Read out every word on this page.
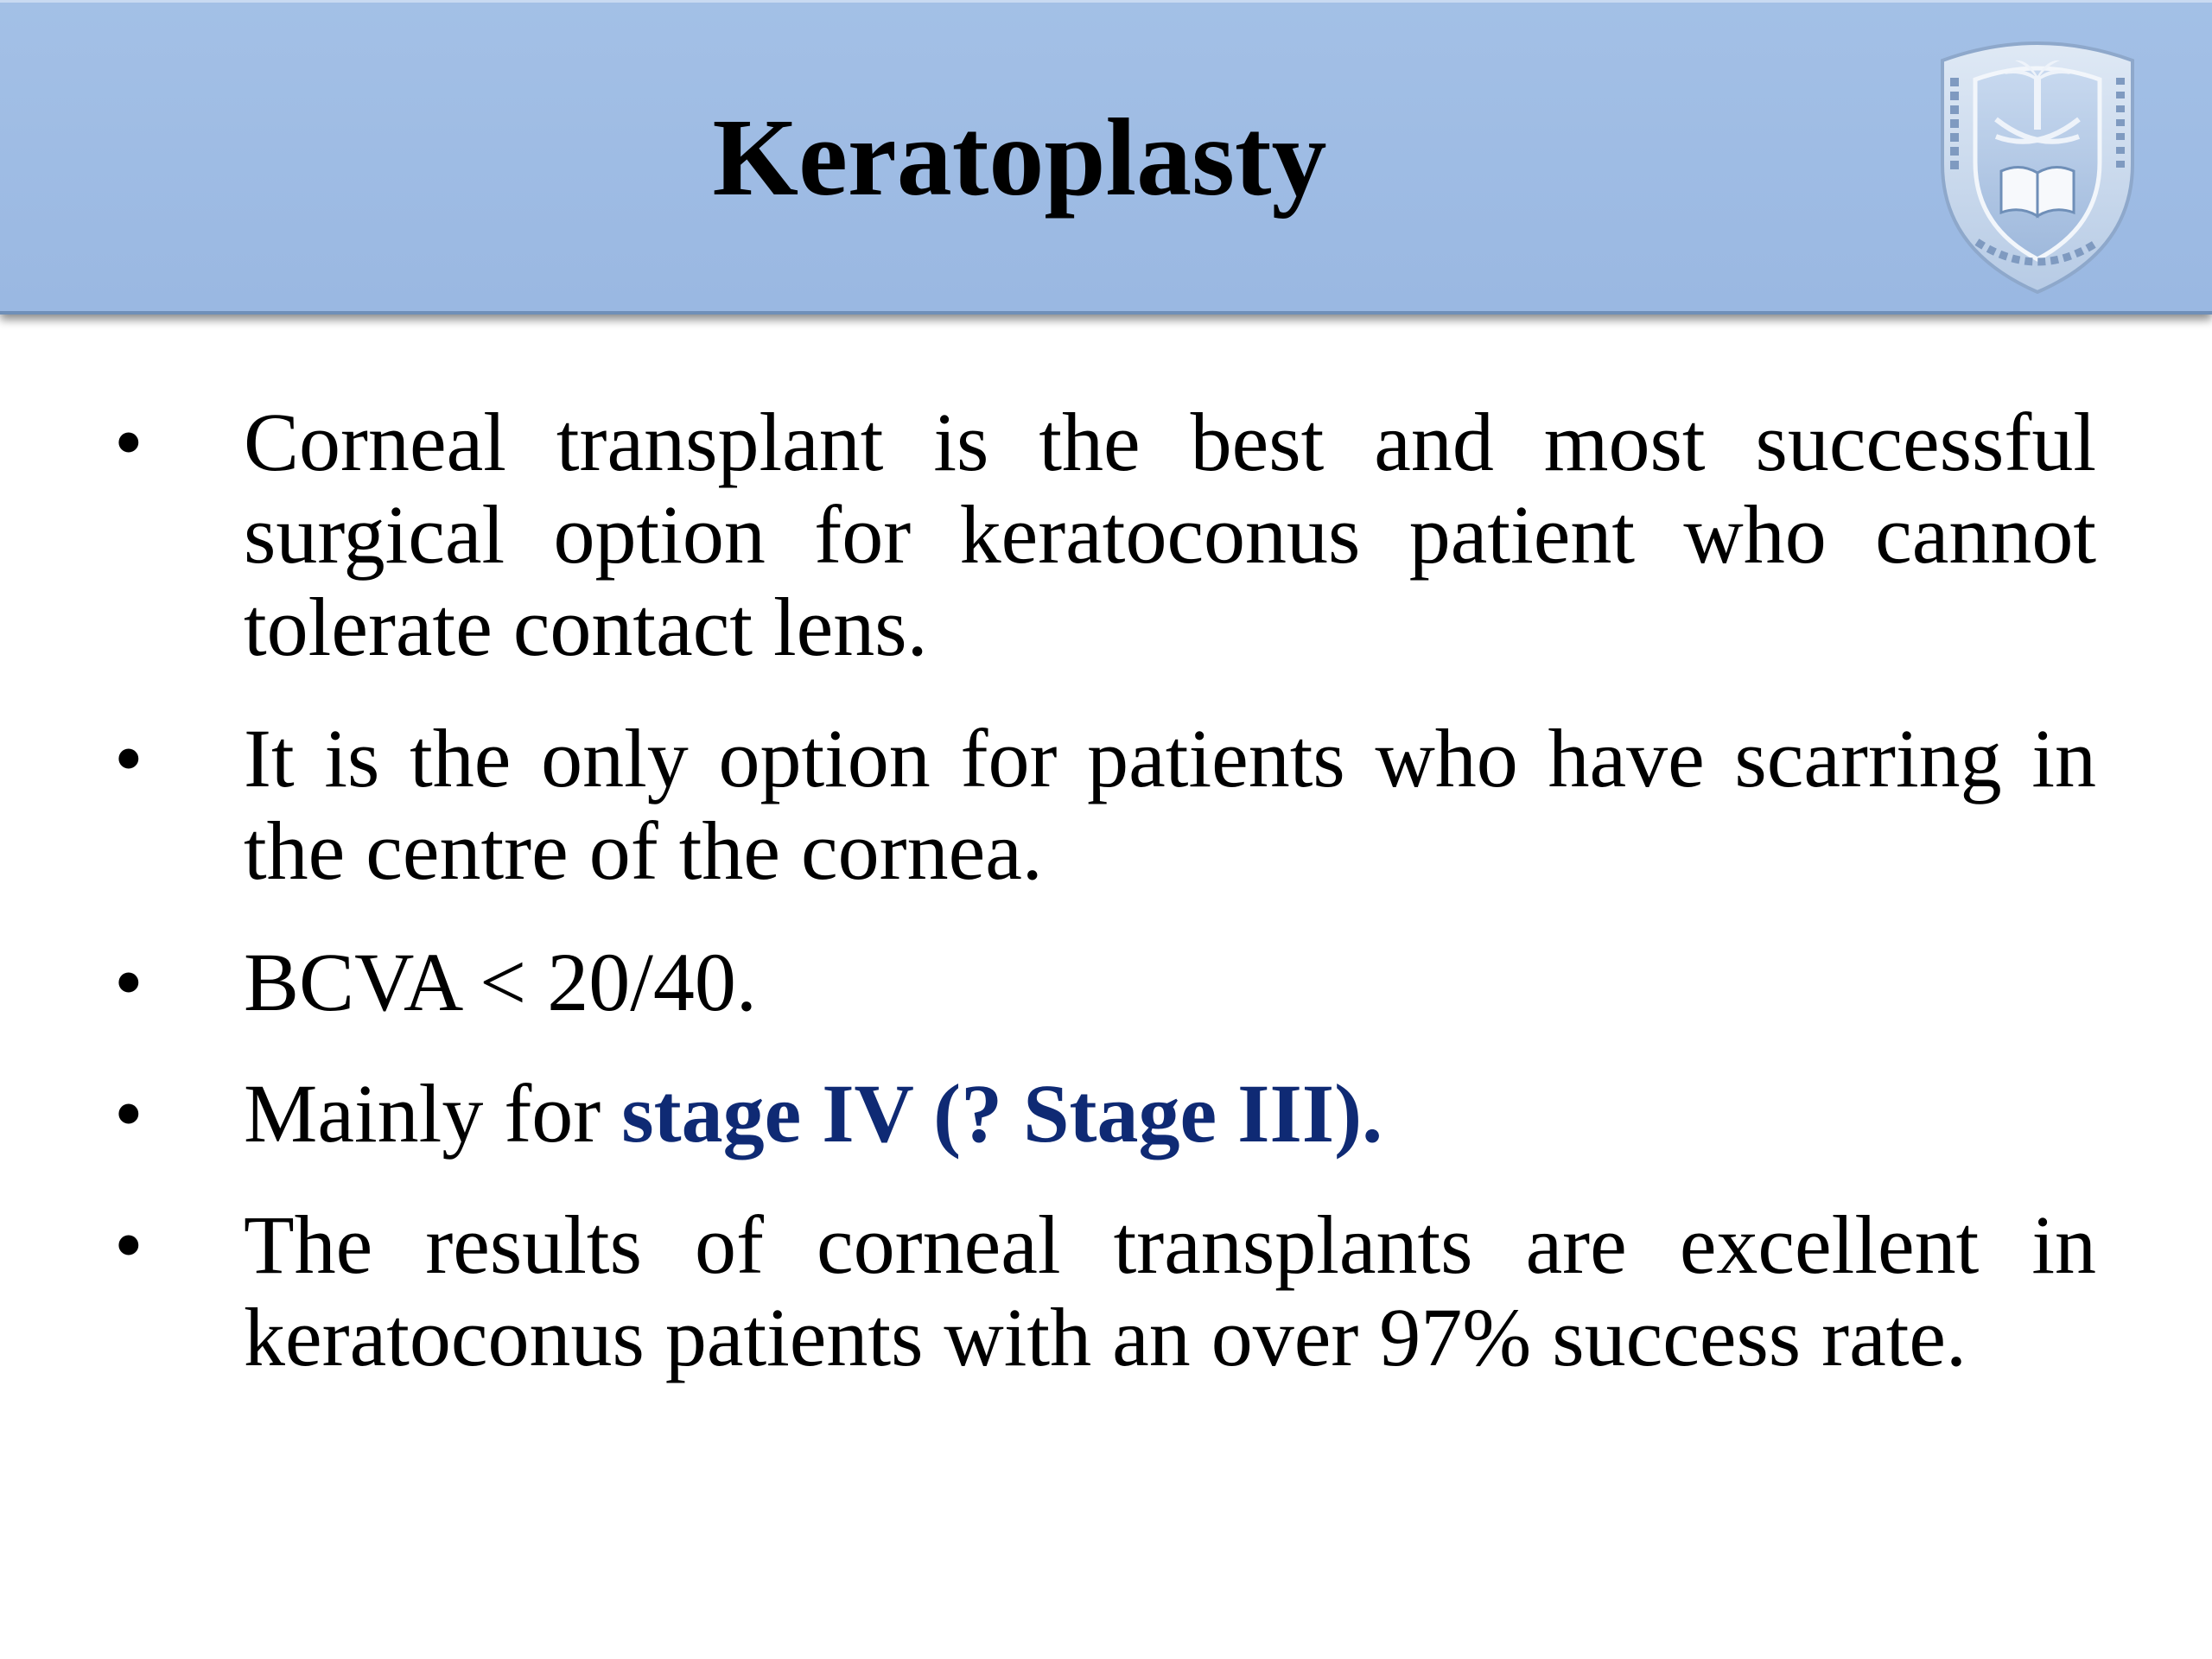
Keratoplasty
• Corneal transplant is the best and most successful surgical option for keratoconus patient who cannot tolerate contact lens.
• It is the only option for patients who have scarring in the centre of the cornea.
• BCVA < 20/40.
• Mainly for stage IV (? Stage III).
• The results of corneal transplants are excellent in keratoconus patients with an over 97% success rate.
